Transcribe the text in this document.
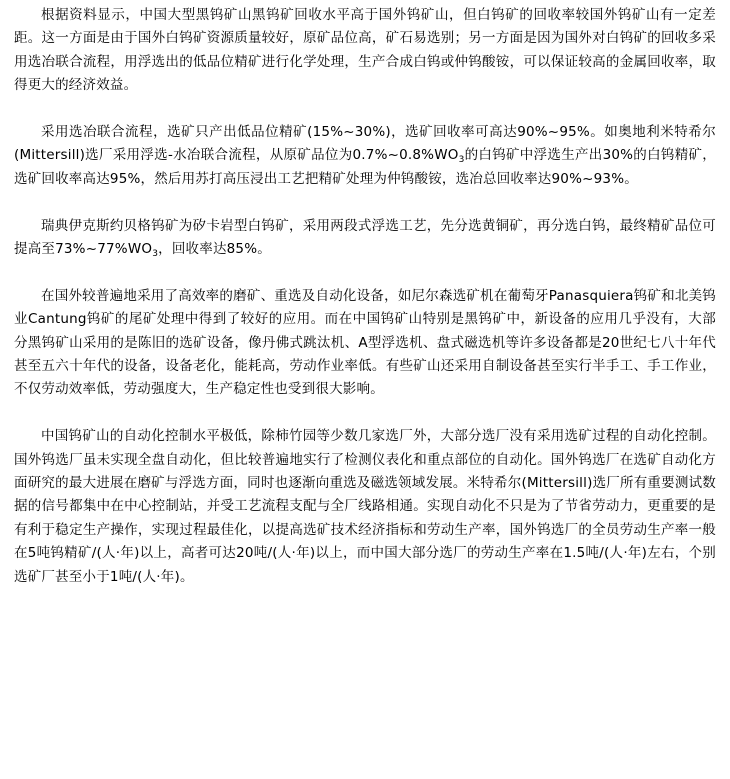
根据资料显示，中国大型黑钨矿山黑钨矿回收水平高于国外钨矿山，但白钨矿的回收率较国外钨矿山有一定差距。这一方面是由于国外白钨矿资源质量较好，原矿品位高，矿石易选别；另一方面是因为国外对白钨矿的回收多采用选冶联合流程，用浮选出的低品位精矿进行化学处理，生产合成白钨或仲钨酸铵，可以保证较高的金属回收率，取得更大的经济效益。

采用选冶联合流程，选矿只产出低品位精矿(15%~30%)，选矿回收率可高达90%~95%。如奥地利米特希尔(Mittersill)选厂采用浮选-水冶联合流程，从原矿品位为$0.7\%\sim 0.8\%WO_3$的白钨矿中浮选生产出30%的白钨精矿，选矿回收率高达95%，然后用苏打高压浸出工艺把精矿处理为仲钨酸铵，选冶总回收率达90%~93%。

瑞典伊克斯约贝格钨矿为矽卡岩型白钨矿，采用两段式浮选工艺，先分选黄铜矿，再分选白钨，最终精矿品位可提高至$73\%\sim 77\%WO_3$，回收率达85%。

在国外较普遍地采用了高效率的磨矿、重选及自动化设备，如尼尔森选矿机在葡萄牙Panasquiera钨矿和北美钨业Cantung钨矿的尾矿处理中得到了较好的应用。而在中国钨矿山特别是黑钨矿中，新设备的应用几乎没有，大部分黑钨矿山采用的是陈旧的选矿设备，像丹佛式跳汰机、A型浮选机、盘式磁选机等许多设备都是20世纪七八十年代甚至五六十年代的设备，设备老化，能耗高，劳动作业率低。有些矿山还采用自制设备甚至实行半手工、手工作业，不仅劳动效率低，劳动强度大，生产稳定性也受到很大影响。

中国钨矿山的自动化控制水平极低，除柿竹园等少数几家选厂外，大部分选厂没有采用选矿过程的自动化控制。国外钨选厂虽未实现全盘自动化，但比较普遍地实行了检测仪表化和重点部位的自动化。国外钨选厂在选矿自动化方面研究的最大进展在磨矿与浮选方面，同时也逐渐向重选及磁选领域发展。米特希尔(Mittersill)选厂所有重要测试数据的信号都集中在中心控制站，并受工艺流程支配与全厂线路相通。实现自动化不只是为了节省劳动力，更重要的是有利于稳定生产操作，实现过程最佳化，以提高选矿技术经济指标和劳动生产率，国外钨选厂的全员劳动生产率一般在5吨钨精矿/(人·年)以上，高者可达20吨/(人·年)以上，而中国大部分选厂的劳动生产率在1.5吨/(人·年)左右，个别选矿厂甚至小于1吨/(人·年)。
